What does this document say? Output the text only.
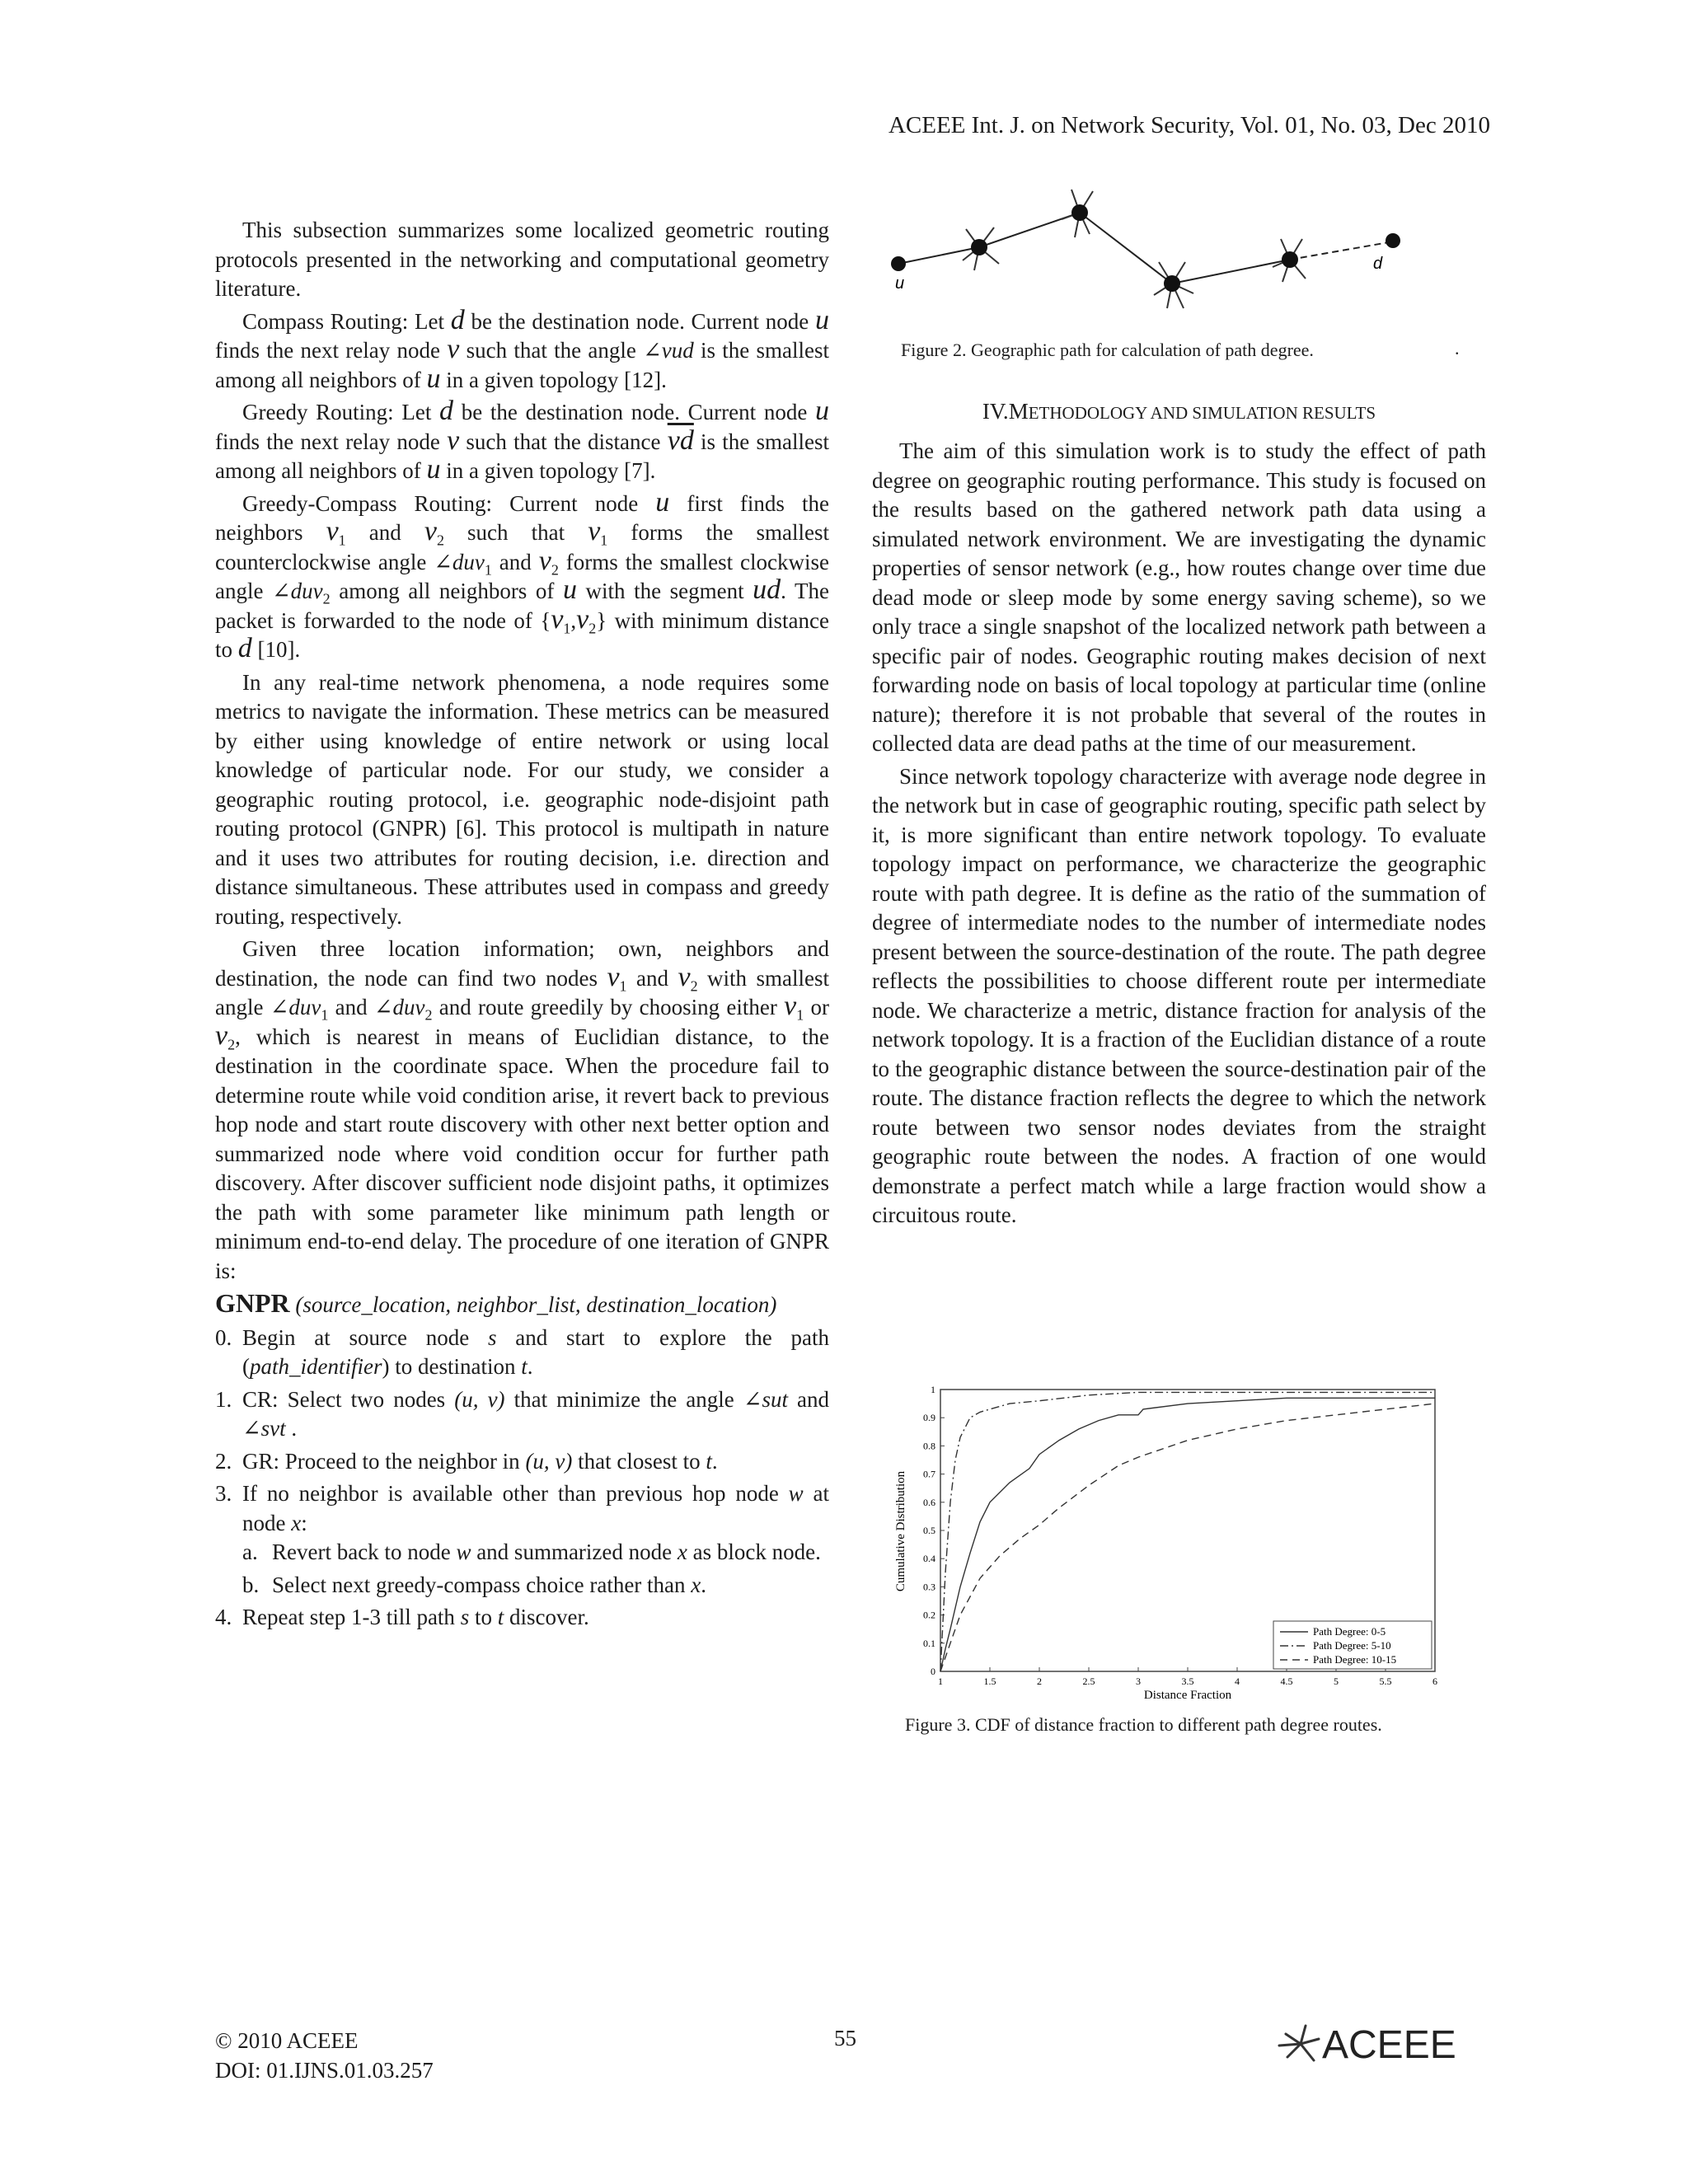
ACEEE Int. J. on Network Security, Vol. 01, No. 03, Dec 2010

This subsection summarizes some localized geometric routing protocols presented in the networking and computational geometry literature.

Compass Routing: Let d be the destination node. Current node u finds the next relay node v such that the angle ∠vud is the smallest among all neighbors of u in a given topology [12].

Greedy Routing: Let d be the destination node. Current node u finds the next relay node v such that the distance $\overline{vd}$ is the smallest among all neighbors of u in a given topology [7].

Greedy-Compass Routing: Current node u first finds the neighbors $v_1$ and $v_2$ such that $v_1$ forms the smallest counterclockwise angle ∠duv$_1$ and $v_2$ forms the smallest clockwise angle ∠duv$_2$ among all neighbors of u with the segment ud. The packet is forwarded to the node of $\{v_1,v_2\}$ with minimum distance to d [10].

In any real-time network phenomena, a node requires some metrics to navigate the information. These metrics can be measured by either using knowledge of entire network or using local knowledge of particular node. For our study, we consider a geographic routing protocol, i.e. geographic node-disjoint path routing protocol (GNPR) [6]. This protocol is multipath in nature and it uses two attributes for routing decision, i.e. direction and distance simultaneous. These attributes used in compass and greedy routing, respectively.

Given three location information; own, neighbors and destination, the node can find two nodes $v_1$ and $v_2$ with smallest angle ∠duv$_1$ and ∠duv$_2$ and route greedily by choosing either $v_1$ or $v_2$, which is nearest in means of Euclidian distance, to the destination in the coordinate space. When the procedure fail to determine route while void condition arise, it revert back to previous hop node and start route discovery with other next better option and summarized node where void condition occur for further path discovery. After discover sufficient node disjoint paths, it optimizes the path with some parameter like minimum path length or minimum end-to-end delay. The procedure of one iteration of GNPR is:

GNPR (source_location, neighbor_list, destination_location)
0. Begin at source node s and start to explore the path (path_identifier) to destination t.
1. CR: Select two nodes (u, v) that minimize the angle ∠sut and ∠svt .
2. GR: Proceed to the neighbor in (u, v) that closest to t.
3. If no neighbor is available other than previous hop node w at node x:
a. Revert back to node w and summarized node x as block node.
b. Select next greedy-compass choice rather than x.
4. Repeat step 1-3 till path s to t discover.
u
d
Figure 2. Geographic path for calculation of path degree.	.
IV.METHODOLOGY AND SIMULATION RESULTS

The aim of this simulation work is to study the effect of path degree on geographic routing performance. This study is focused on the results based on the gathered network path data using a simulated network environment. We are investigating the dynamic properties of sensor network (e.g., how routes change over time due dead mode or sleep mode by some energy saving scheme), so we only trace a single snapshot of the localized network path between a specific pair of nodes. Geographic routing makes decision of next forwarding node on basis of local topology at particular time (online nature); therefore it is not probable that several of the routes in collected data are dead paths at the time of our measurement.

Since network topology characterize with average node degree in the network but in case of geographic routing, specific path select by it, is more significant than entire network topology. To evaluate topology impact on performance, we characterize the geographic route with path degree. It is define as the ratio of the summation of degree of intermediate nodes to the number of intermediate nodes present between the source-destination of the route. The path degree reflects the possibilities to choose different route per intermediate node. We characterize a metric, distance fraction for analysis of the network topology. It is a fraction of the Euclidian distance of a route to the geographic distance between the source-destination pair of the route. The distance fraction reflects the degree to which the network route between two sensor nodes deviates from the straight geographic route between the nodes. A fraction of one would demonstrate a perfect match while a large fraction would show a circuitous route.

1	1.5	2	2.5	3	3.5	4	4.5	5	5.5	6
0
0.1
0.2
0.3
0.4
0.5
0.6
0.7
0.8
0.9
1
Distance Fraction
Cumulative Distribution
Path Degree: 0-5
Path Degree: 5-10
Path Degree: 10-15
Figure 3. CDF of distance fraction to different path degree routes.
© 2010 ACEEE
DOI: 01.IJNS.01.03.257
55	ACEEE
